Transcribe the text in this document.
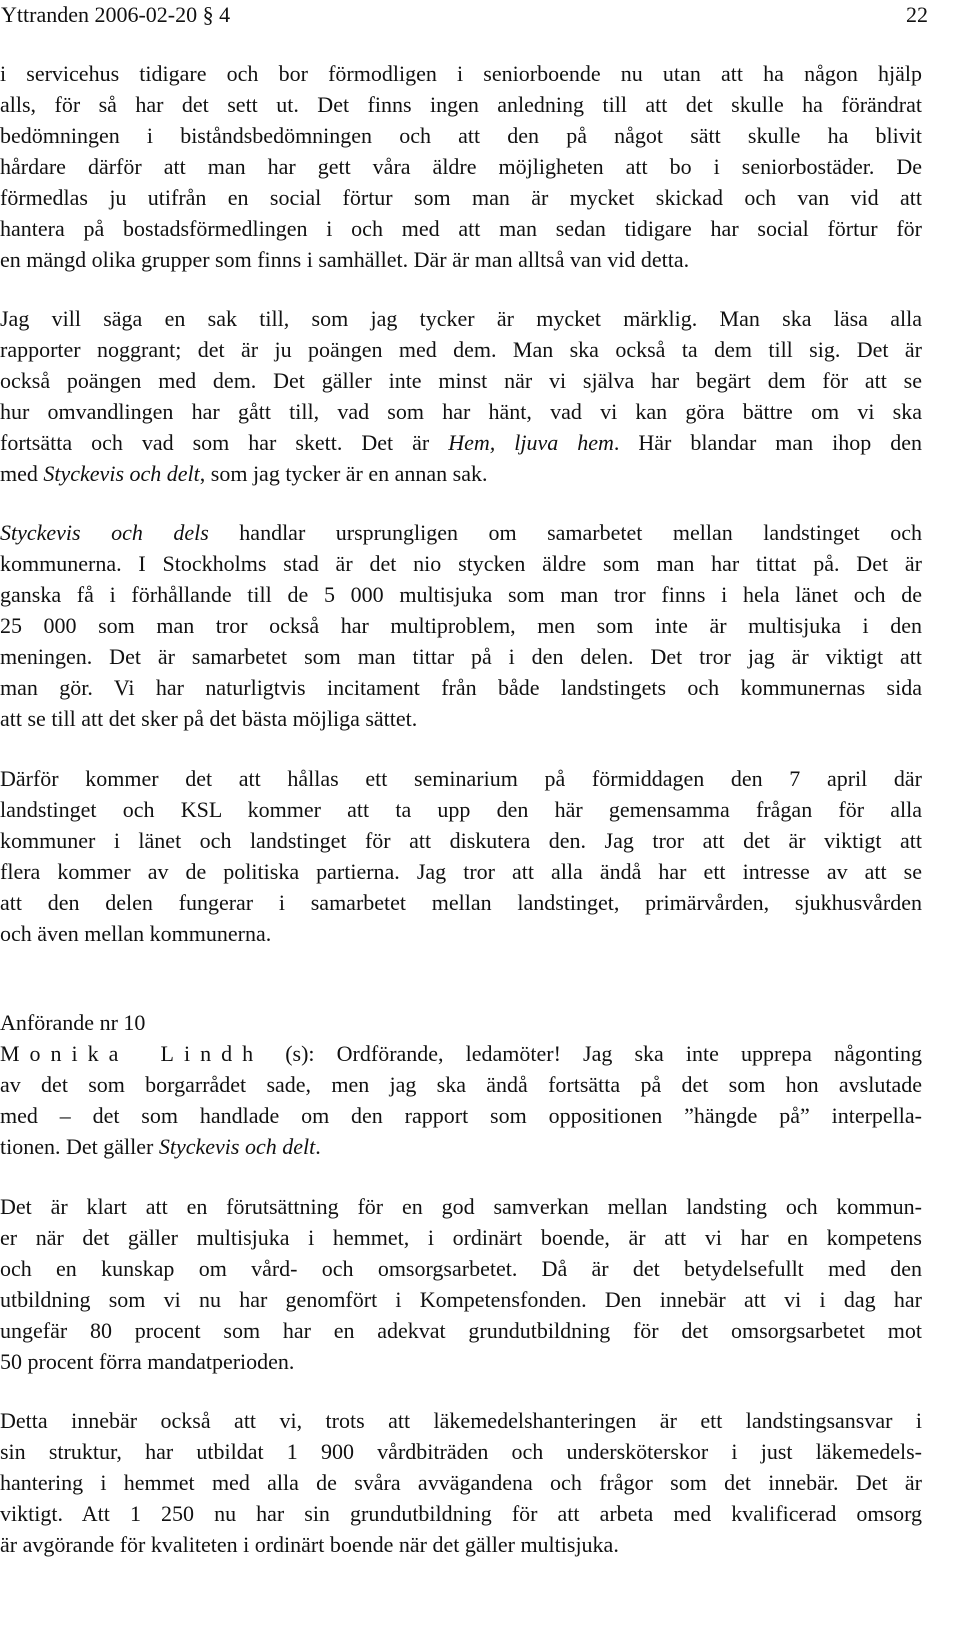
Yttranden 2006-02-20 § 4	22
i servicehus tidigare och bor förmodligen i seniorboende nu utan att ha någon hjälp
alls, för så har det sett ut. Det finns ingen anledning till att det skulle ha förändrat
bedömningen i biståndsbedömningen och att den på något sätt skulle ha blivit
hårdare därför att man har gett våra äldre möjligheten att bo i seniorbostäder. De
förmedlas ju utifrån en social förtur som man är mycket skickad och van vid att
hantera på bostadsförmedlingen i och med att man sedan tidigare har social förtur för
en mängd olika grupper som finns i samhället. Där är man alltså van vid detta.
Jag vill säga en sak till, som jag tycker är mycket märklig. Man ska läsa alla
rapporter noggrant; det är ju poängen med dem. Man ska också ta dem till sig. Det är
också poängen med dem. Det gäller inte minst när vi själva har begärt dem för att se
hur omvandlingen har gått till, vad som har hänt, vad vi kan göra bättre om vi ska
fortsätta och vad som har skett. Det är Hem, ljuva hem. Här blandar man ihop den
med Styckevis och delt, som jag tycker är en annan sak.
Styckevis och dels handlar ursprungligen om samarbetet mellan landstinget och
kommunerna. I Stockholms stad är det nio stycken äldre som man har tittat på. Det är
ganska få i förhållande till de 5 000 multisjuka som man tror finns i hela länet och de
25 000 som man tror också har multiproblem, men som inte är multisjuka i den
meningen. Det är samarbetet som man tittar på i den delen. Det tror jag är viktigt att
man gör. Vi har naturligtvis incitament från både landstingets och kommunernas sida
att se till att det sker på det bästa möjliga sättet.
Därför kommer det att hållas ett seminarium på förmiddagen den 7 april där
landstinget och KSL kommer att ta upp den här gemensamma frågan för alla
kommuner i länet och landstinget för att diskutera den. Jag tror att det är viktigt att
flera kommer av de politiska partierna. Jag tror att alla ändå har ett intresse av att se
att den delen fungerar i samarbetet mellan landstinget, primärvården, sjukhusvården
och även mellan kommunerna.
Anförande nr 10
Monika Lindh (s): Ordförande, ledamöter! Jag ska inte upprepa någonting
av det som borgarrådet sade, men jag ska ändå fortsätta på det som hon avslutade
med – det som handlade om den rapport som oppositionen ”hängde på” interpella-
tionen. Det gäller Styckevis och delt.
Det är klart att en förutsättning för en god samverkan mellan landsting och kommun-
er när det gäller multisjuka i hemmet, i ordinärt boende, är att vi har en kompetens
och en kunskap om vård- och omsorgsarbetet. Då är det betydelsefullt med den
utbildning som vi nu har genomfört i Kompetensfonden. Den innebär att vi i dag har
ungefär 80 procent som har en adekvat grundutbildning för det omsorgsarbetet mot
50 procent förra mandatperioden.
Detta innebär också att vi, trots att läkemedelshanteringen är ett landstingsansvar i
sin struktur, har utbildat 1 900 vårdbiträden och undersköterskor i just läkemedels-
hantering i hemmet med alla de svåra avvägandena och frågor som det innebär. Det är
viktigt. Att 1 250 nu har sin grundutbildning för att arbeta med kvalificerad omsorg
är avgörande för kvaliteten i ordinärt boende när det gäller multisjuka.
